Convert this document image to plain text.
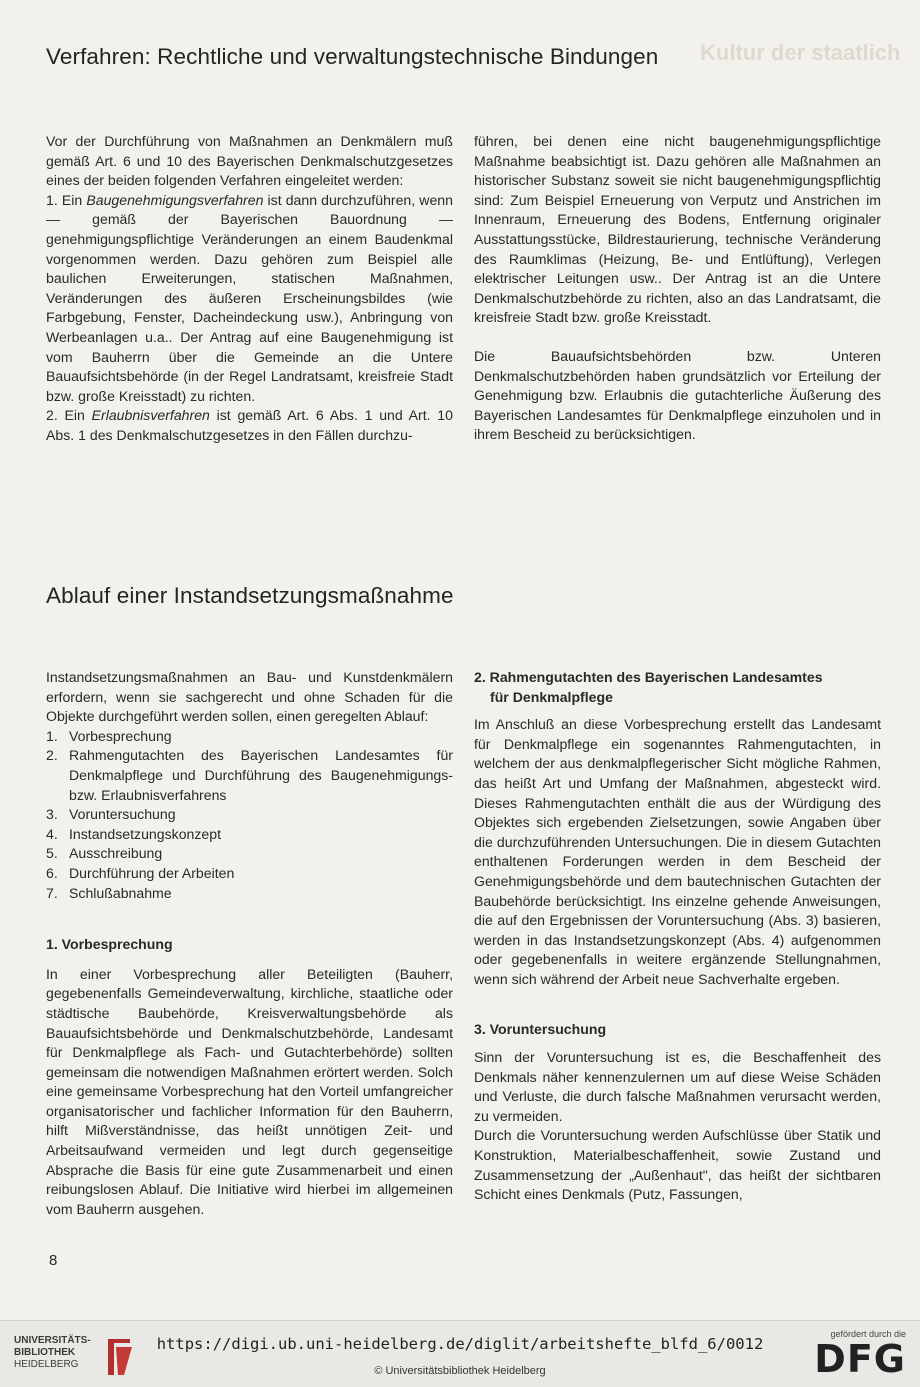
Kultur der staatlich
Verfahren: Rechtliche und verwaltungstechnische Bindungen

Vor der Durchführung von Maßnahmen an Denkmälern muß gemäß Art. 6 und 10 des Bayerischen Denkmalschutzgesetzes eines der beiden folgenden Verfahren eingeleitet werden:

1. Ein Baugenehmigungsverfahren ist dann durchzuführen, wenn — gemäß der Bayerischen Bauordnung — genehmigungspflichtige Veränderungen an einem Baudenkmal vorgenommen werden. Dazu gehören zum Beispiel alle baulichen Erweiterungen, statischen Maßnahmen, Veränderungen des äußeren Erscheinungsbildes (wie Farbgebung, Fenster, Dacheindeckung usw.), Anbringung von Werbeanlagen u.a.. Der Antrag auf eine Baugenehmigung ist vom Bauherrn über die Gemeinde an die Untere Bauaufsichtsbehörde (in der Regel Landratsamt, kreisfreie Stadt bzw. große Kreisstadt) zu richten.

2. Ein Erlaubnisverfahren ist gemäß Art. 6 Abs. 1 und Art. 10 Abs. 1 des Denkmalschutzgesetzes in den Fällen durchzu-

führen, bei denen eine nicht baugenehmigungspflichtige Maßnahme beabsichtigt ist. Dazu gehören alle Maßnahmen an historischer Substanz soweit sie nicht baugenehmigungspflichtig sind: Zum Beispiel Erneuerung von Verputz und Anstrichen im Innenraum, Erneuerung des Bodens, Entfernung originaler Ausstattungsstücke, Bildrestaurierung, technische Veränderung des Raumklimas (Heizung, Be- und Entlüftung), Verlegen elektrischer Leitungen usw.. Der Antrag ist an die Untere Denkmalschutzbehörde zu richten, also an das Landratsamt, die kreisfreie Stadt bzw. große Kreisstadt.

Die Bauaufsichtsbehörden bzw. Unteren Denkmalschutzbehörden haben grundsätzlich vor Erteilung der Genehmigung bzw. Erlaubnis die gutachterliche Äußerung des Bayerischen Landesamtes für Denkmalpflege einzuholen und in ihrem Bescheid zu berücksichtigen.

Ablauf einer Instandsetzungsmaßnahme

Instandsetzungsmaßnahmen an Bau- und Kunstdenkmälern erfordern, wenn sie sachgerecht und ohne Schaden für die Objekte durchgeführt werden sollen, einen geregelten Ablauf:

1. Vorbesprechung
2. Rahmengutachten des Bayerischen Landesamtes für Denkmalpflege und Durchführung des Baugenehmigungs- bzw. Erlaubnisverfahrens
3. Voruntersuchung
4. Instandsetzungskonzept
5. Ausschreibung
6. Durchführung der Arbeiten
7. Schlußabnahme
1. Vorbesprechung

In einer Vorbesprechung aller Beteiligten (Bauherr, gegebenenfalls Gemeindeverwaltung, kirchliche, staatliche oder städtische Baubehörde, Kreisverwaltungsbehörde als Bauaufsichtsbehörde und Denkmalschutzbehörde, Landesamt für Denkmalpflege als Fach- und Gutachterbehörde) sollten gemeinsam die notwendigen Maßnahmen erörtert werden. Solch eine gemeinsame Vorbesprechung hat den Vorteil umfangreicher organisatorischer und fachlicher Information für den Bauherrn, hilft Mißverständnisse, das heißt unnötigen Zeit- und Arbeitsaufwand vermeiden und legt durch gegenseitige Absprache die Basis für eine gute Zusammenarbeit und einen reibungslosen Ablauf. Die Initiative wird hierbei im allgemeinen vom Bauherrn ausgehen.

2. Rahmengutachten des Bayerischen Landesamtes

für Denkmalpflege

Im Anschluß an diese Vorbesprechung erstellt das Landesamt für Denkmalpflege ein sogenanntes Rahmengutachten, in welchem der aus denkmalpflegerischer Sicht mögliche Rahmen, das heißt Art und Umfang der Maßnahmen, abgesteckt wird. Dieses Rahmengutachten enthält die aus der Würdigung des Objektes sich ergebenden Zielsetzungen, sowie Angaben über die durchzuführenden Untersuchungen. Die in diesem Gutachten enthaltenen Forderungen werden in dem Bescheid der Genehmigungsbehörde und dem bautechnischen Gutachten der Baubehörde berücksichtigt. Ins einzelne gehende Anweisungen, die auf den Ergebnissen der Voruntersuchung (Abs. 3) basieren, werden in das Instandsetzungskonzept (Abs. 4) aufgenommen oder gegebenenfalls in weitere ergänzende Stellungnahmen, wenn sich während der Arbeit neue Sachverhalte ergeben.

3. Voruntersuchung

Sinn der Voruntersuchung ist es, die Beschaffenheit des Denkmals näher kennenzulernen um auf diese Weise Schäden und Verluste, die durch falsche Maßnahmen verursacht werden, zu vermeiden.

Durch die Voruntersuchung werden Aufschlüsse über Statik und Konstruktion, Materialbeschaffenheit, sowie Zustand und Zusammensetzung der „Außenhaut", das heißt der sichtbaren Schicht eines Denkmals (Putz, Fassungen,

8
UNIVERSITÄTS-
BIBLIOTHEK
HEIDELBERG
https://digi.ub.uni-heidelberg.de/diglit/arbeitshefte_blfd_6/0012
© Universitätsbibliothek Heidelberg
gefördert durch die
DFG
